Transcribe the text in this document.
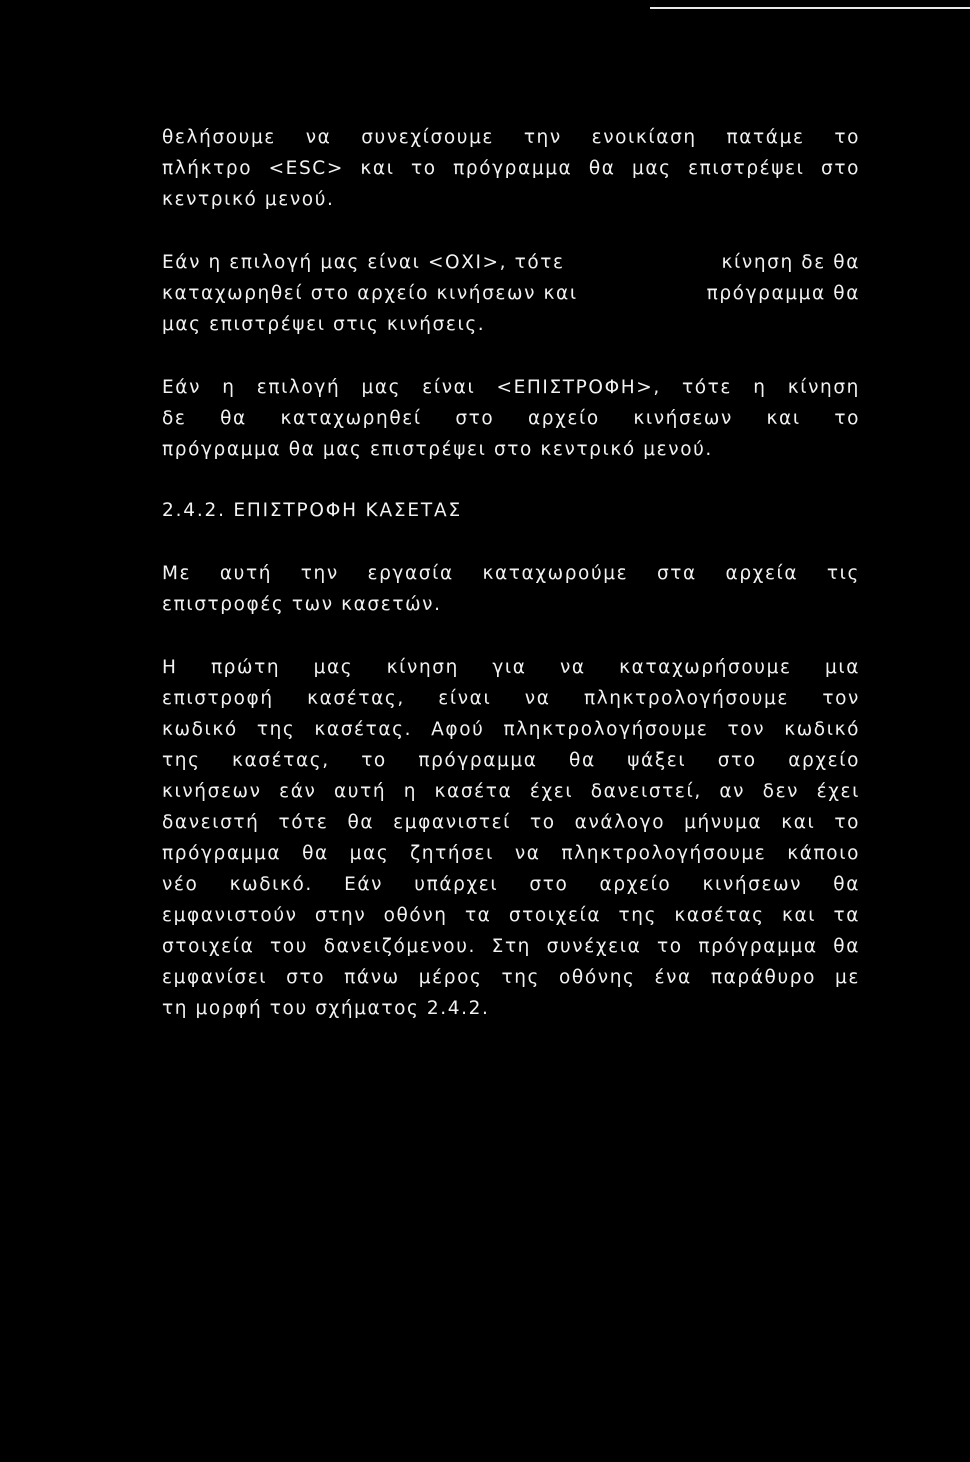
θελήσουμε να συνεχίσουμε την ενοικίαση πατάμε το
πλήκτρο <ESC> και το πρόγραμμα θα μας επιστρέψει στο
κεντρικό μενού.

Εάν η επιλογή μας είναι <ΟΧΙ>, τότε	κίνηση δε θα
καταχωρηθεί στο αρχείο κινήσεων και	πρόγραμμα θα
μας επιστρέψει στις κινήσεις.

Εάν η επιλογή μας είναι <ΕΠΙΣΤΡΟΦΗ>, τότε η κίνηση
δε θα καταχωρηθεί στο αρχείο κινήσεων και το
πρόγραμμα θα μας επιστρέψει στο κεντρικό μενού.

2.4.2. ΕΠΙΣΤΡΟΦΗ ΚΑΣΕΤΑΣ

Με αυτή την εργασία καταχωρούμε στα αρχεία τις
επιστροφές των κασετών.

Η πρώτη μας κίνηση για να καταχωρήσουμε μια
επιστροφή κασέτας, είναι να πληκτρολογήσουμε τον
κωδικό της κασέτας. Αφού πληκτρολογήσουμε τον κωδικό
της κασέτας, το πρόγραμμα θα ψάξει στο αρχείο
κινήσεων εάν αυτή η κασέτα έχει δανειστεί, αν δεν έχει
δανειστή τότε θα εμφανιστεί το ανάλογο μήνυμα και το
πρόγραμμα θα μας ζητήσει να πληκτρολογήσουμε κάποιο
νέο κωδικό. Εάν υπάρχει στο αρχείο κινήσεων θα
εμφανιστούν στην οθόνη τα στοιχεία της κασέτας και τα
στοιχεία του δανειζόμενου. Στη συνέχεια το πρόγραμμα θα
εμφανίσει στο πάνω μέρος της οθόνης ένα παράθυρο με
τη μορφή του σχήματος 2.4.2.
